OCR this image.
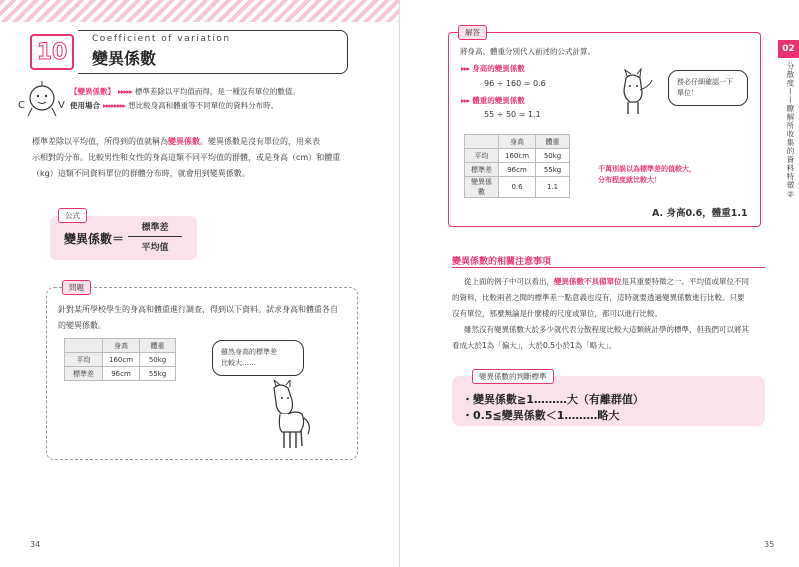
10
Coefficient of variation
變異係數
C	V
【變異係數】 ▸▸▸▸▸ 標準差除以平均值而得，是一種沒有單位的數值。
使用場合 ▸▸▸▸▸▸▸▸ 想比較身高和體重等不同單位的資料分布時。
標準差除以平均值，所得到的值就稱為變異係數。變異係數是沒有單位的，用來表
示相對的分布。比較男性和女性的身高這類不同平均值的群體，或是身高（cm）和體重
（kg）這類不同資料單位的群體分布時，就會用到變異係數。
變異係數＝
標準差
平均值
公式
問題
針對某所學校學生的身高和體重進行調查，得到以下資料。試求身高和體重各自
的變異係數。
	身高	體重
平均	160cm	50kg
標準差	96cm	55kg
雖然身高的標準差
比較大……
34
解答
將身高、體重分別代入前述的公式計算。
▸▸▸ 身高的變異係數
96 ÷ 160 = 0.6
▸▸▸ 體重的變異係數
55 ÷ 50 = 1.1
務必仔細確認一下
單位！
	身高	體重
平均	160cm	50kg
標準差	96cm	55kg
變異係數	0.6	1.1
千萬別誤以為標準差的值較大，
分布程度就比較大！
A. 身高0.6，體重1.1
變異係數的相關注意事項
從上面的例子中可以看出，變異係數不具備單位是其重要特徵之一。平均值或單位不同
的資料，比較兩者之間的標準差一點意義也沒有，這時就要透過變異係數進行比較。只要
沒有單位，那麼無論是什麼樣的尺度或單位，都可以進行比較。
雖然沒有變異係數大於多少就代表分散程度比較大這類統計學的標準，但我們可以將其
看成大於1為「偏大」，大於0.5小於1為「略大」。
・變異係數≧1………大（有離群值）
・0.5≦變異係數＜1………略大
變異係數的判斷標準
02
分散度——瞭解所收集的資料特徵②
35
